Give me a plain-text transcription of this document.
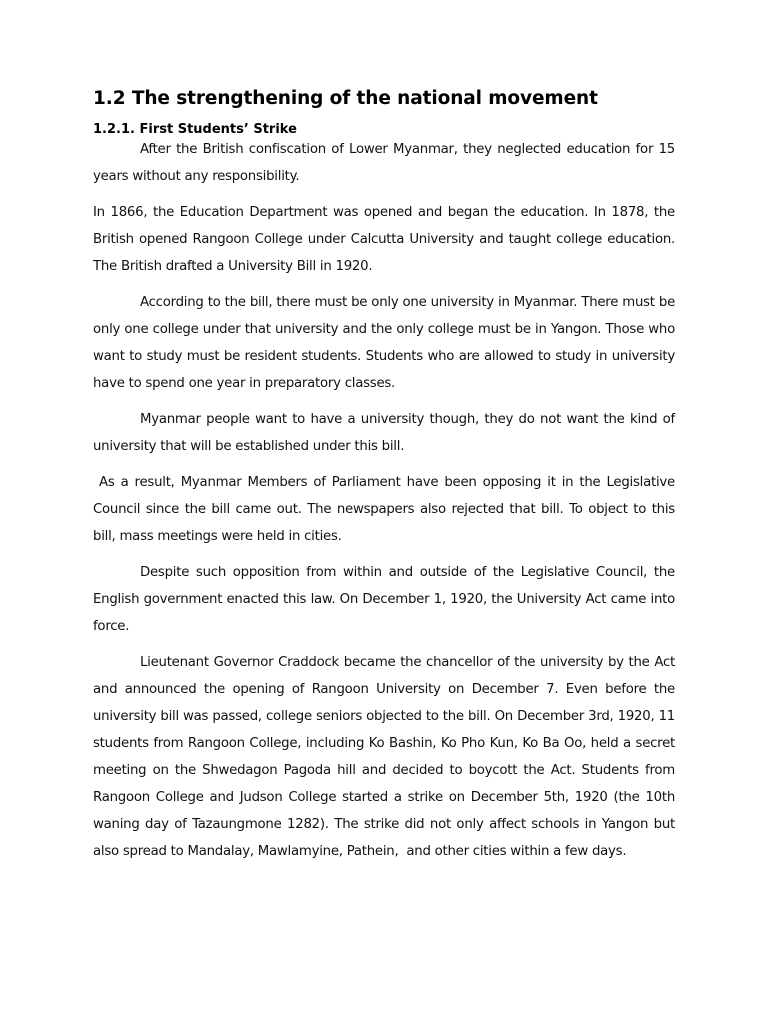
1.2 The strengthening of the national movement
1.2.1. First Students’ Strike

After the British confiscation of Lower Myanmar, they neglected education for 15 years without any responsibility.

In 1866, the Education Department was opened and began the education. In 1878, the British opened Rangoon College under Calcutta University and taught college education. The British drafted a University Bill in 1920.

According to the bill, there must be only one university in Myanmar. There must be only one college under that university and the only college must be in Yangon. Those who want to study must be resident students. Students who are allowed to study in university have to spend one year in preparatory classes.

Myanmar people want to have a university though, they do not want the kind of university that will be established under this bill.

As a result, Myanmar Members of Parliament have been opposing it in the Legislative Council since the bill came out. The newspapers also rejected that bill. To object to this bill, mass meetings were held in cities.

Despite such opposition from within and outside of the Legislative Council, the English government enacted this law. On December 1, 1920, the University Act came into force.

Lieutenant Governor Craddock became the chancellor of the university by the Act and announced the opening of Rangoon University on December 7. Even before the university bill was passed, college seniors objected to the bill. On December 3rd, 1920, 11  students from Rangoon College, including Ko Bashin, Ko Pho Kun, Ko Ba Oo, held a secret meeting on the Shwedagon Pagoda hill and decided to boycott the Act. Students from Rangoon College and Judson College started a strike on December 5th, 1920 (the 10th waning day of Tazaungmone 1282). The strike did not only affect schools in Yangon but also spread to Mandalay, Mawlamyine, Pathein,  and other cities within a few days.
